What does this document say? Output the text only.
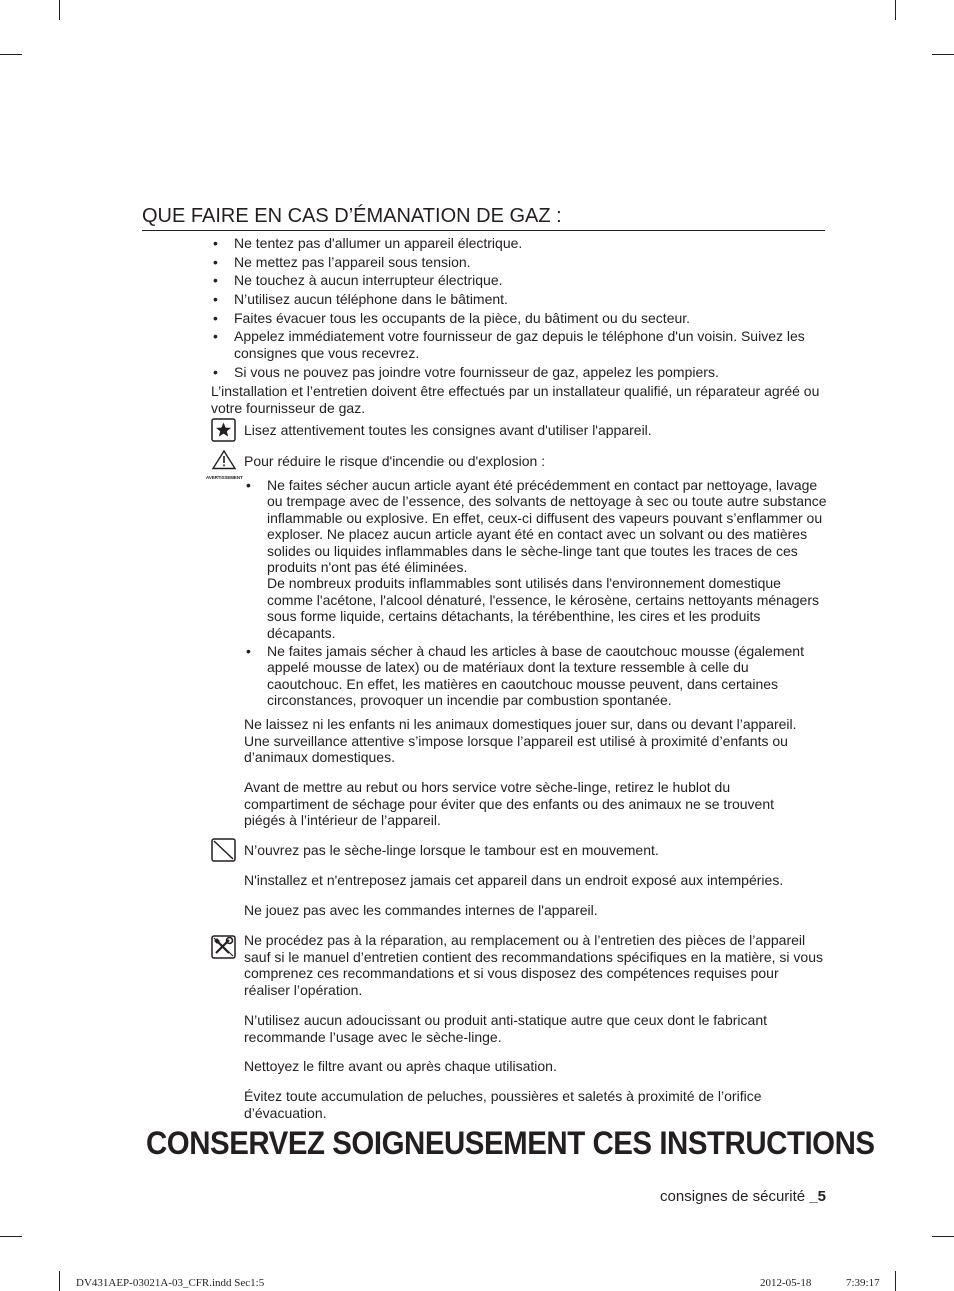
QUE FAIRE EN CAS D’ÉMANATION DE GAZ :
• Ne tentez pas d'allumer un appareil électrique.
• Ne mettez pas l’appareil sous tension.
• Ne touchez à aucun interrupteur électrique.
• N’utilisez aucun téléphone dans le bâtiment.
• Faites évacuer tous les occupants de la pièce, du bâtiment ou du secteur.
• Appelez immédiatement votre fournisseur de gaz depuis le téléphone d'un voisin. Suivez les consignes que vous recevrez.
• Si vous ne pouvez pas joindre votre fournisseur de gaz, appelez les pompiers.

L’installation et l’entretien doivent être effectués par un installateur qualifié, un réparateur agréé ou votre fournisseur de gaz.

Lisez attentivement toutes les consignes avant d'utiliser l'appareil.

AVERTISSEMENT

Pour réduire le risque d'incendie ou d'explosion :

• Ne faites sécher aucun article ayant été précédemment en contact par nettoyage, lavage ou trempage avec de l’essence, des solvants de nettoyage à sec ou toute autre substance inflammable ou explosive. En effet, ceux-ci diffusent des vapeurs pouvant s’enflammer ou exploser. Ne placez aucun article ayant été en contact avec un solvant ou des matières solides ou liquides inflammables dans le sèche-linge tant que toutes les traces de ces produits n'ont pas été éliminées.
De nombreux produits inflammables sont utilisés dans l'environnement domestique comme l'acétone, l'alcool dénaturé, l'essence, le kérosène, certains nettoyants ménagers sous forme liquide, certains détachants, la térébenthine, les cires et les produits décapants.
• Ne faites jamais sécher à chaud les articles à base de caoutchouc mousse (également appelé mousse de latex) ou de matériaux dont la texture ressemble à celle du caoutchouc. En effet, les matières en caoutchouc mousse peuvent, dans certaines circonstances, provoquer un incendie par combustion spontanée.

Ne laissez ni les enfants ni les animaux domestiques jouer sur, dans ou devant l’appareil. Une surveillance attentive s’impose lorsque l’appareil est utilisé à proximité d’enfants ou d’animaux domestiques.

Avant de mettre au rebut ou hors service votre sèche-linge, retirez le hublot du compartiment de séchage pour éviter que des enfants ou des animaux ne se trouvent piégés à l’intérieur de l’appareil.

N’ouvrez pas le sèche-linge lorsque le tambour est en mouvement.

N'installez et n'entreposez jamais cet appareil dans un endroit exposé aux intempéries.

Ne jouez pas avec les commandes internes de l'appareil.

Ne procédez pas à la réparation, au remplacement ou à l’entretien des pièces de l’appareil sauf si le manuel d’entretien contient des recommandations spécifiques en la matière, si vous comprenez ces recommandations et si vous disposez des compétences requises pour réaliser l’opération.

N’utilisez aucun adoucissant ou produit anti-statique autre que ceux dont le fabricant recommande l’usage avec le sèche-linge.

Nettoyez le filtre avant ou après chaque utilisation.

Évitez toute accumulation de peluches, poussières et saletés à proximité de l’orifice d’évacuation.

CONSERVEZ SOIGNEUSEMENT CES INSTRUCTIONS
consignes de sécurité _5
DV431AEP-03021A-03_CFR.indd Sec1:5	2012-05-18	7:39:17
